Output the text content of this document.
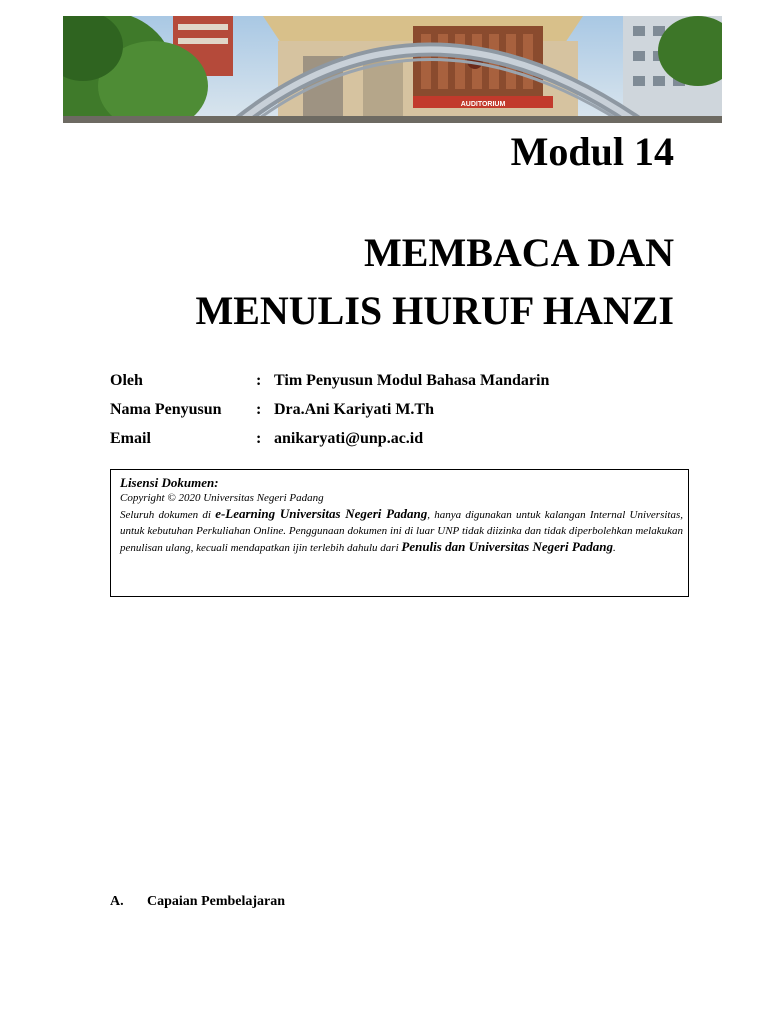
AUDITORIUM
Modul 14
MEMBACA DAN
MENULIS HURUF HANZI
Oleh	: Tim Penyusun Modul Bahasa Mandarin
Nama Penyusun	: Dra.Ani Kariyati M.Th
Email	: anikaryati@unp.ac.id
Lisensi Dokumen:
Copyright © 2020 Universitas Negeri Padang
Seluruh dokumen di e-Learning Universitas Negeri Padang, hanya digunakan untuk kalangan Internal Universitas, untuk kebutuhan Perkuliahan Online. Penggunaan dokumen ini di luar UNP tidak diizinka dan tidak diperbolehkan melakukan penulisan ulang, kecuali mendapatkan ijin terlebih dahulu dari Penulis dan Universitas Negeri Padang.
A.	Capaian Pembelajaran
